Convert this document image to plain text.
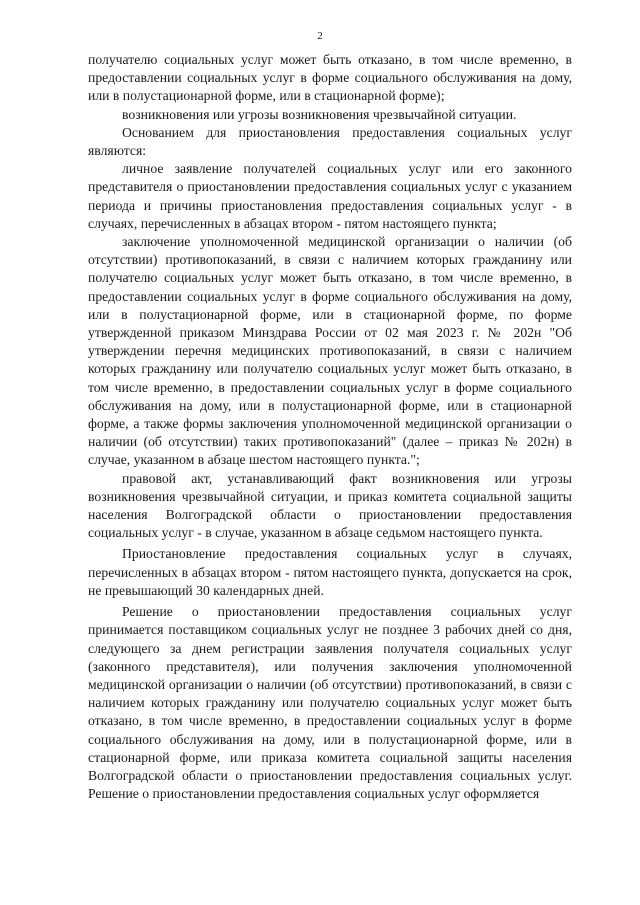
2

получателю социальных услуг может быть отказано, в том числе временно, в предоставлении социальных услуг в форме социального обслуживания на дому, или в полустационарной форме, или в стационарной форме);

возникновения или угрозы возникновения чрезвычайной ситуации.

Основанием для приостановления предоставления социальных услуг являются:

личное заявление получателей социальных услуг или его законного представителя о приостановлении предоставления социальных услуг с указанием периода и причины приостановления предоставления социальных услуг - в случаях, перечисленных в абзацах втором - пятом настоящего пункта;

заключение уполномоченной медицинской организации о наличии (об отсутствии) противопоказаний, в связи с наличием которых гражданину или получателю социальных услуг может быть отказано, в том числе временно, в предоставлении социальных услуг в форме социального обслуживания на дому, или в полустационарной форме, или в стационарной форме, по форме утвержденной приказом Минздрава России от 02 мая 2023 г. № 202н "Об утверждении перечня медицинских противопоказаний, в связи с наличием которых гражданину или получателю социальных услуг может быть отказано, в том числе временно, в предоставлении социальных услуг в форме социального обслуживания на дому, или в полустационарной форме, или в стационарной форме, а также формы заключения уполномоченной медицинской организации о наличии (об отсутствии) таких противопоказаний" (далее – приказ № 202н) в случае, указанном в абзаце шестом настоящего пункта.";

правовой акт, устанавливающий факт возникновения или угрозы возникновения чрезвычайной ситуации, и приказ комитета социальной защиты населения Волгоградской области о приостановлении предоставления социальных услуг - в случае, указанном в абзаце седьмом настоящего пункта.

Приостановление предоставления социальных услуг в случаях, перечисленных в абзацах втором - пятом настоящего пункта, допускается на срок, не превышающий 30 календарных дней.

Решение о приостановлении предоставления социальных услуг принимается поставщиком социальных услуг не позднее 3 рабочих дней со дня, следующего за днем регистрации заявления получателя социальных услуг (законного представителя), или получения заключения уполномоченной медицинской организации о наличии (об отсутствии) противопоказаний, в связи с наличием которых гражданину или получателю социальных услуг может быть отказано, в том числе временно, в предоставлении социальных услуг в форме социального обслуживания на дому, или в полустационарной форме, или в стационарной форме, или приказа комитета социальной защиты населения Волгоградской области о приостановлении предоставления социальных услуг. Решение о приостановлении предоставления социальных услуг оформляется
